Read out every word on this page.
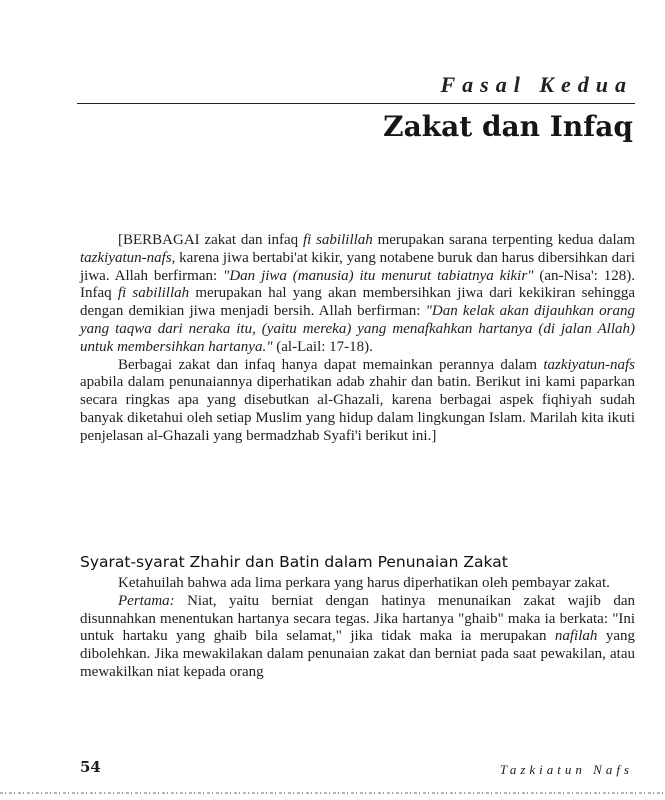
Fasal Kedua
Zakat dan Infaq

[BERBAGAI zakat dan infaq fi sabilillah merupakan sarana terpenting kedua dalam tazkiyatun-nafs, karena jiwa bertabi'at kikir, yang notabene buruk dan harus dibersihkan dari jiwa. Allah berfirman: "Dan jiwa (manusia) itu menurut tabiatnya kikir" (an-Nisa': 128). Infaq fi sabilillah merupakan hal yang akan membersihkan jiwa dari kekikiran sehingga dengan demikian jiwa menjadi bersih. Allah berfirman: "Dan kelak akan dijauhkan orang yang taqwa dari neraka itu, (yaitu mereka) yang menafkahkan hartanya (di jalan Allah) untuk membersihkan hartanya." (al-Lail: 17-18).

Berbagai zakat dan infaq hanya dapat memainkan perannya dalam tazkiyatun-nafs apabila dalam penunaiannya diperhatikan adab zhahir dan batin. Berikut ini kami paparkan secara ringkas apa yang disebutkan al-Ghazali, karena berbagai aspek fiqhiyah sudah banyak diketahui oleh setiap Muslim yang hidup dalam lingkungan Islam. Marilah kita ikuti penjelasan al-Ghazali yang bermadzhab Syafi'i berikut ini.]

Syarat-syarat Zhahir dan Batin dalam Penunaian Zakat

Ketahuilah bahwa ada lima perkara yang harus diperhatikan oleh pembayar zakat.

Pertama: Niat, yaitu berniat dengan hatinya menunaikan zakat wajib dan disunnahkan menentukan hartanya secara tegas. Jika hartanya "ghaib" maka ia berkata: "Ini untuk hartaku yang ghaib bila selamat," jika tidak maka ia merupakan nafilah yang dibolehkan. Jika mewakilakan dalam penunaian zakat dan berniat pada saat pewakilan, atau mewakilkan niat kepada orang

54	Tazkiatun Nafs
